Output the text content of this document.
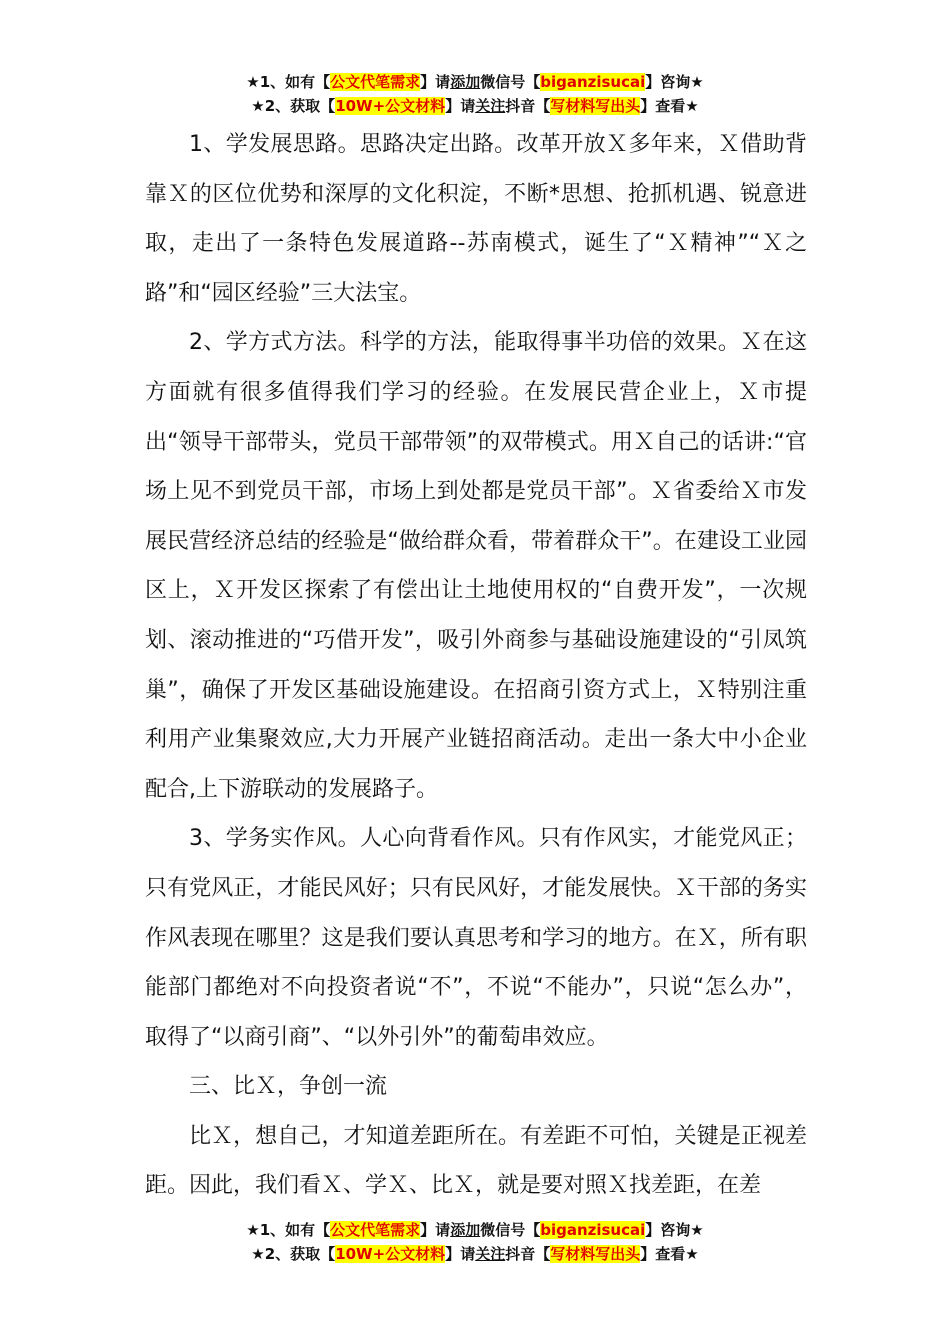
★1、如有【公文代笔需求】请添加微信号【biganzisucai】咨询★
★2、获取【10W+公文材料】请关注抖音【写材料写出头】查看★

1、学发展思路。思路决定出路。改革开放Ｘ多年来，Ｘ借助背靠Ｘ的区位优势和深厚的文化积淀，不断*思想、抢抓机遇、锐意进取，走出了一条特色发展道路--苏南模式，诞生了“Ｘ精神”“Ｘ之路”和“园区经验”三大法宝。

2、学方式方法。科学的方法，能取得事半功倍的效果。Ｘ在这方面就有很多值得我们学习的经验。在发展民营企业上，Ｘ市提出“领导干部带头，党员干部带领”的双带模式。用Ｘ自己的话讲:“官场上见不到党员干部，市场上到处都是党员干部”。Ｘ省委给Ｘ市发展民营经济总结的经验是“做给群众看，带着群众干”。在建设工业园区上，Ｘ开发区探索了有偿出让土地使用权的“自费开发”，一次规划、滚动推进的“巧借开发”，吸引外商参与基础设施建设的“引凤筑巢”，确保了开发区基础设施建设。在招商引资方式上，Ｘ特别注重利用产业集聚效应,大力开展产业链招商活动。走出一条大中小企业配合,上下游联动的发展路子。

3、学务实作风。人心向背看作风。只有作风实，才能党风正；只有党风正，才能民风好；只有民风好，才能发展快。Ｘ干部的务实作风表现在哪里？这是我们要认真思考和学习的地方。在Ｘ，所有职能部门都绝对不向投资者说“不”，不说“不能办”，只说“怎么办”，取得了“以商引商”、“以外引外”的葡萄串效应。

三、比Ｘ，争创一流

比Ｘ，想自己，才知道差距所在。有差距不可怕，关键是正视差距。因此，我们看Ｘ、学Ｘ、比Ｘ，就是要对照Ｘ找差距，在差

★1、如有【公文代笔需求】请添加微信号【biganzisucai】咨询★
★2、获取【10W+公文材料】请关注抖音【写材料写出头】查看★
